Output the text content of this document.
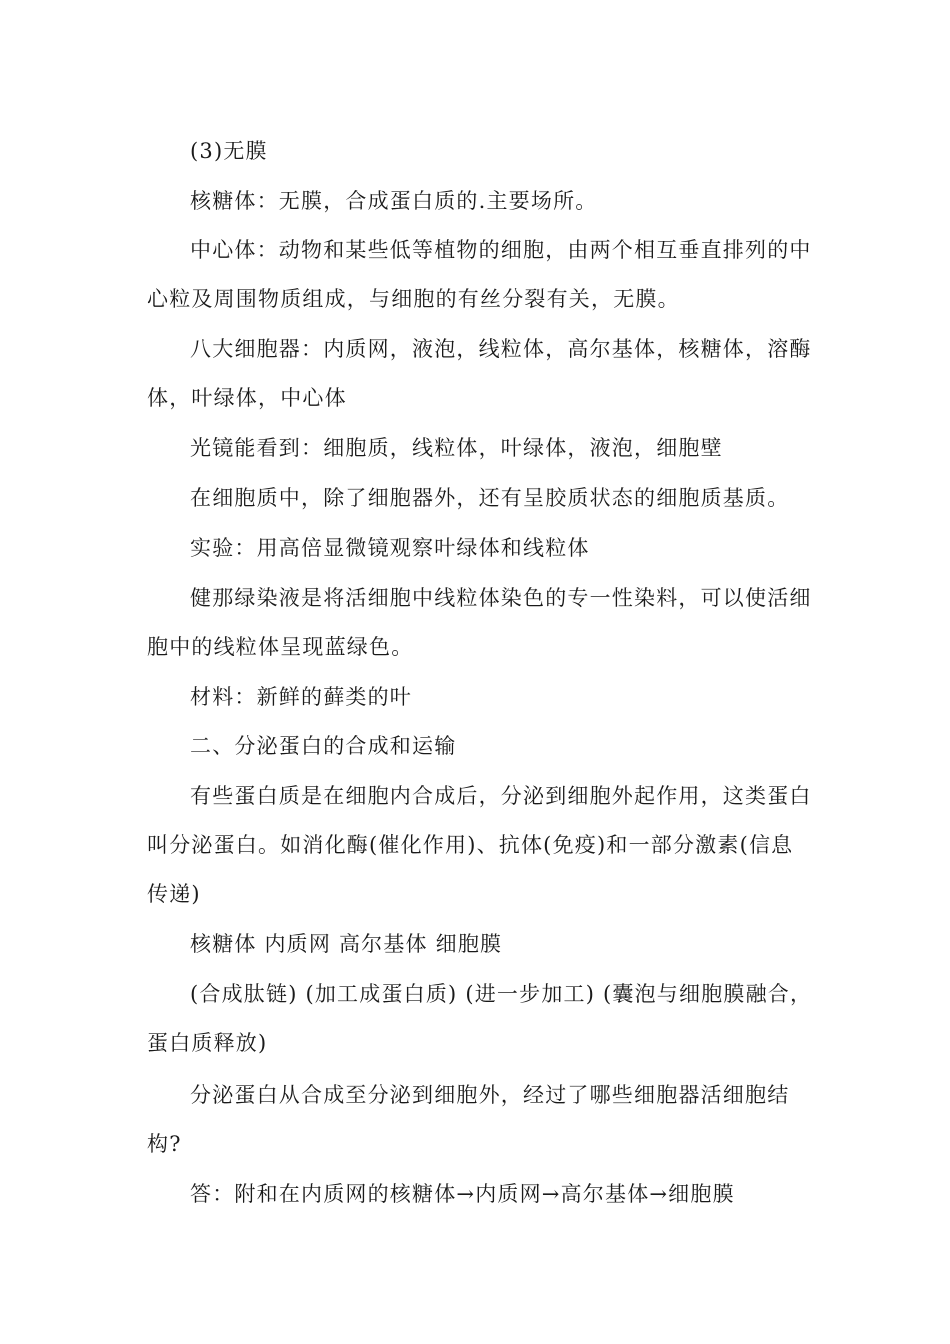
(3)无膜

核糖体：无膜，合成蛋白质的.主要场所。

中心体：动物和某些低等植物的细胞，由两个相互垂直排列的中心粒及周围物质组成，与细胞的有丝分裂有关，无膜。

八大细胞器：内质网，液泡，线粒体，高尔基体，核糖体，溶酶体，叶绿体，中心体

光镜能看到：细胞质，线粒体，叶绿体，液泡，细胞壁

在细胞质中，除了细胞器外，还有呈胶质状态的细胞质基质。

实验：用高倍显微镜观察叶绿体和线粒体

健那绿染液是将活细胞中线粒体染色的专一性染料，可以使活细胞中的线粒体呈现蓝绿色。

材料：新鲜的藓类的叶

二、分泌蛋白的合成和运输

有些蛋白质是在细胞内合成后，分泌到细胞外起作用，这类蛋白叫分泌蛋白。如消化酶(催化作用)、抗体(免疫)和一部分激素(信息传递)

核糖体 内质网 高尔基体 细胞膜

(合成肽链) (加工成蛋白质) (进一步加工) (囊泡与细胞膜融合，蛋白质释放)

分泌蛋白从合成至分泌到细胞外，经过了哪些细胞器活细胞结构?

答：附和在内质网的核糖体→内质网→高尔基体→细胞膜
